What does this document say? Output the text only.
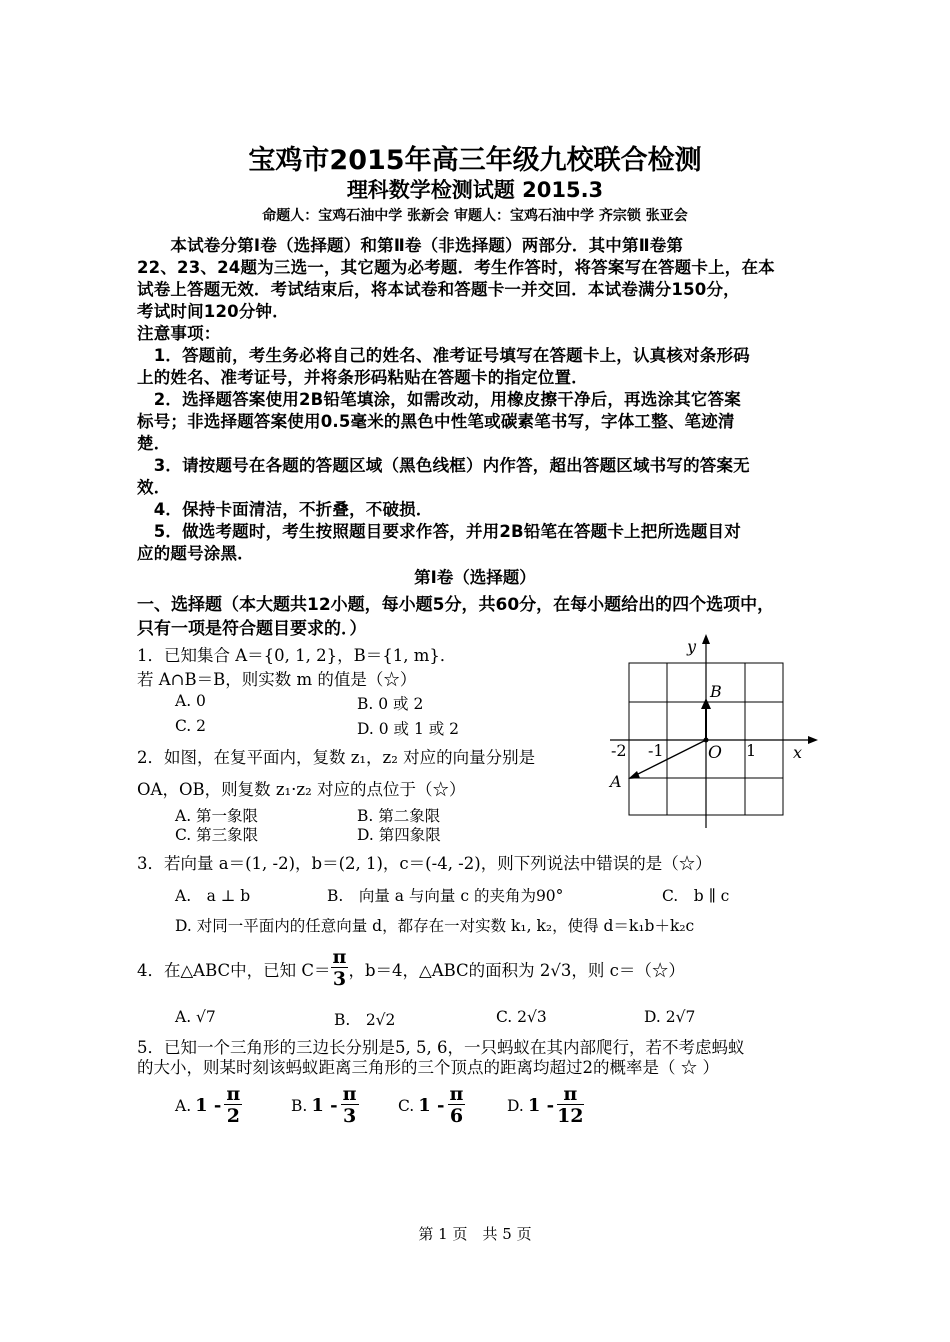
宝鸡市2015年高三年级九校联合检测
理科数学检测试题 2015.3
命题人：宝鸡石油中学 张新会 审题人：宝鸡石油中学 齐宗锁 张亚会
　　本试卷分第Ⅰ卷（选择题）和第Ⅱ卷（非选择题）两部分．其中第Ⅱ卷第
22、23、24题为三选一，其它题为必考题．考生作答时，将答案写在答题卡上，在本
试卷上答题无效．考试结束后，将本试卷和答题卡一并交回．本试卷满分150分，
考试时间120分钟．
注意事项：
　1．答题前，考生务必将自己的姓名、准考证号填写在答题卡上，认真核对条形码
上的姓名、准考证号，并将条形码粘贴在答题卡的指定位置．
　2．选择题答案使用2B铅笔填涂，如需改动，用橡皮擦干净后，再选涂其它答案
标号；非选择题答案使用0.5毫米的黑色中性笔或碳素笔书写，字体工整、笔迹清
楚．
　3．请按题号在各题的答题区域（黑色线框）内作答，超出答题区域书写的答案无
效．
　4．保持卡面清洁，不折叠，不破损．
　5．做选考题时，考生按照题目要求作答，并用2B铅笔在答题卡上把所选题目对
应的题号涂黑．
第Ⅰ卷（选择题）
一、选择题（本大题共12小题，每小题5分，共60分，在每小题给出的四个选项中，
只有一项是符合题目要求的．）
1．已知集合 A＝{0, 1, 2}，B＝{1, m}．
若 A∩B＝B，则实数 m 的值是（☆）
A. 0	B. 0 或 2
C. 2	D. 0 或 1 或 2
2．如图，在复平面内，复数 z₁，z₂ 对应的向量分别是
OA，OB，则复数 z₁·z₂ 对应的点位于（☆）
A. 第一象限	B. 第二象限
C. 第三象限	D. 第四象限
y
x
O
B
A
-2 -1	1
3．若向量 a＝(1, -2)，b＝(2, 1)，c＝(-4, -2)，则下列说法中错误的是（☆）
A.　a ⊥ b	B.　向量 a 与向量 c 的夹角为90°	C.　b ∥ c
D. 对同一平面内的任意向量 d，都存在一对实数 k₁, k₂，使得 d＝k₁b＋k₂c
4．在△ABC中，已知 $C= \frac{\pi}{3}$ ，b＝4，△ABC的面积为 2√3，则 c＝（☆）
A. √7	B.　2√2	C. 2√3	D. 2√7
5．已知一个三角形的三边长分别是5, 5, 6，一只蚂蚁在其内部爬行，若不考虑蚂蚁
的大小，则某时刻该蚂蚁距离三角形的三个顶点的距离均超过2的概率是（ ☆ ）
A. $1 - \frac{\pi}{2}$	B. $1 - \frac{\pi}{3}$	C. $1 - \frac{\pi}{6}$	D. $1 - \frac{\pi}{12}$
第 1 页　共 5 页
